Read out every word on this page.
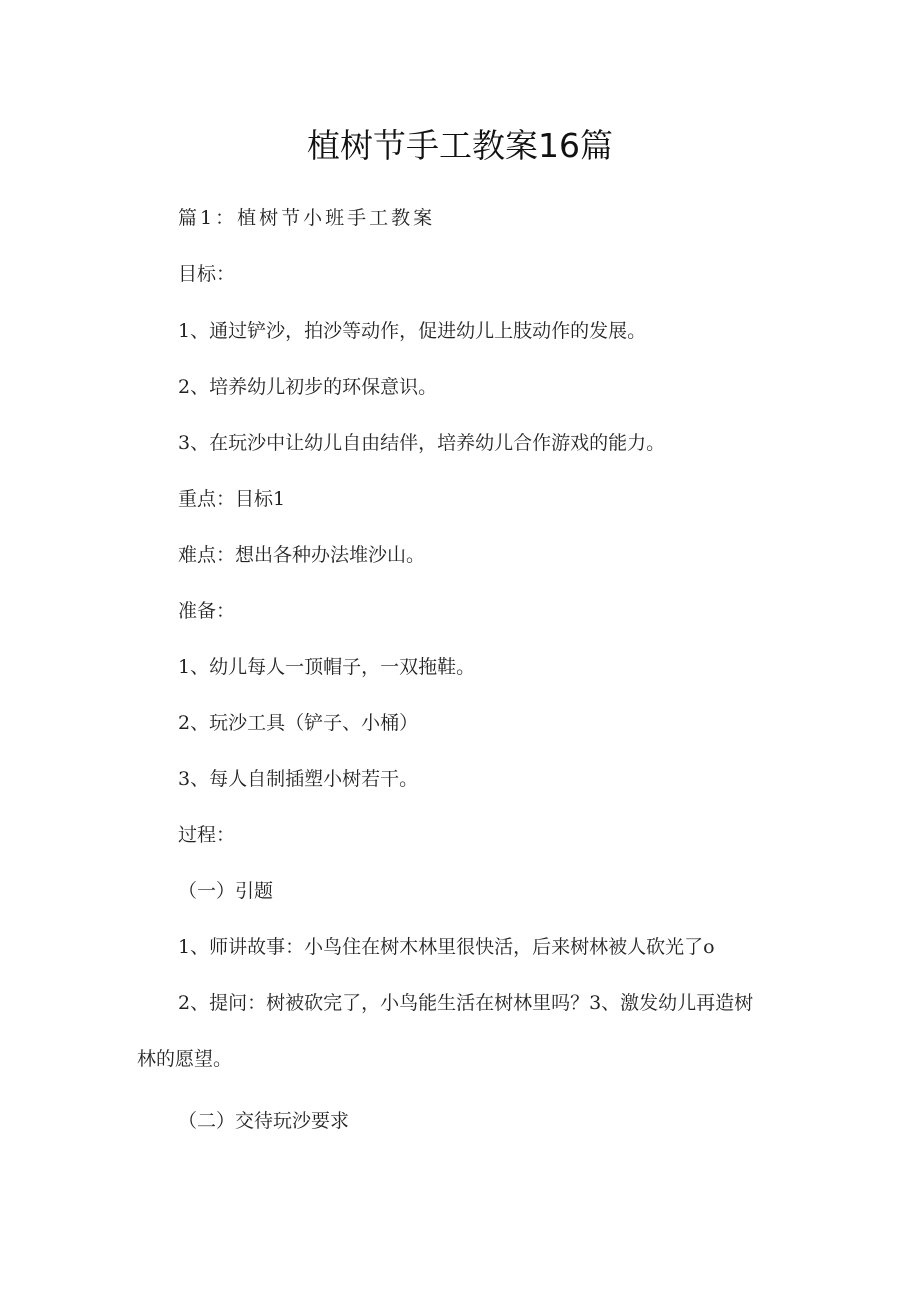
植树节手工教案16篇
篇1：植树节小班手工教案
目标：
1、通过铲沙，拍沙等动作，促进幼儿上肢动作的发展。
2、培养幼儿初步的环保意识。
3、在玩沙中让幼儿自由结伴，培养幼儿合作游戏的能力。
重点：目标1
难点：想出各种办法堆沙山。
准备：
1、幼儿每人一顶帽子，一双拖鞋。
2、玩沙工具（铲子、小桶）
3、每人自制插塑小树若干。
过程：
（一）引题
1、师讲故事：小鸟住在树木林里很快活，后来树林被人砍光了o
2、提问：树被砍完了，小鸟能生活在树林里吗？3、激发幼儿再造树
林的愿望。
（二）交待玩沙要求
